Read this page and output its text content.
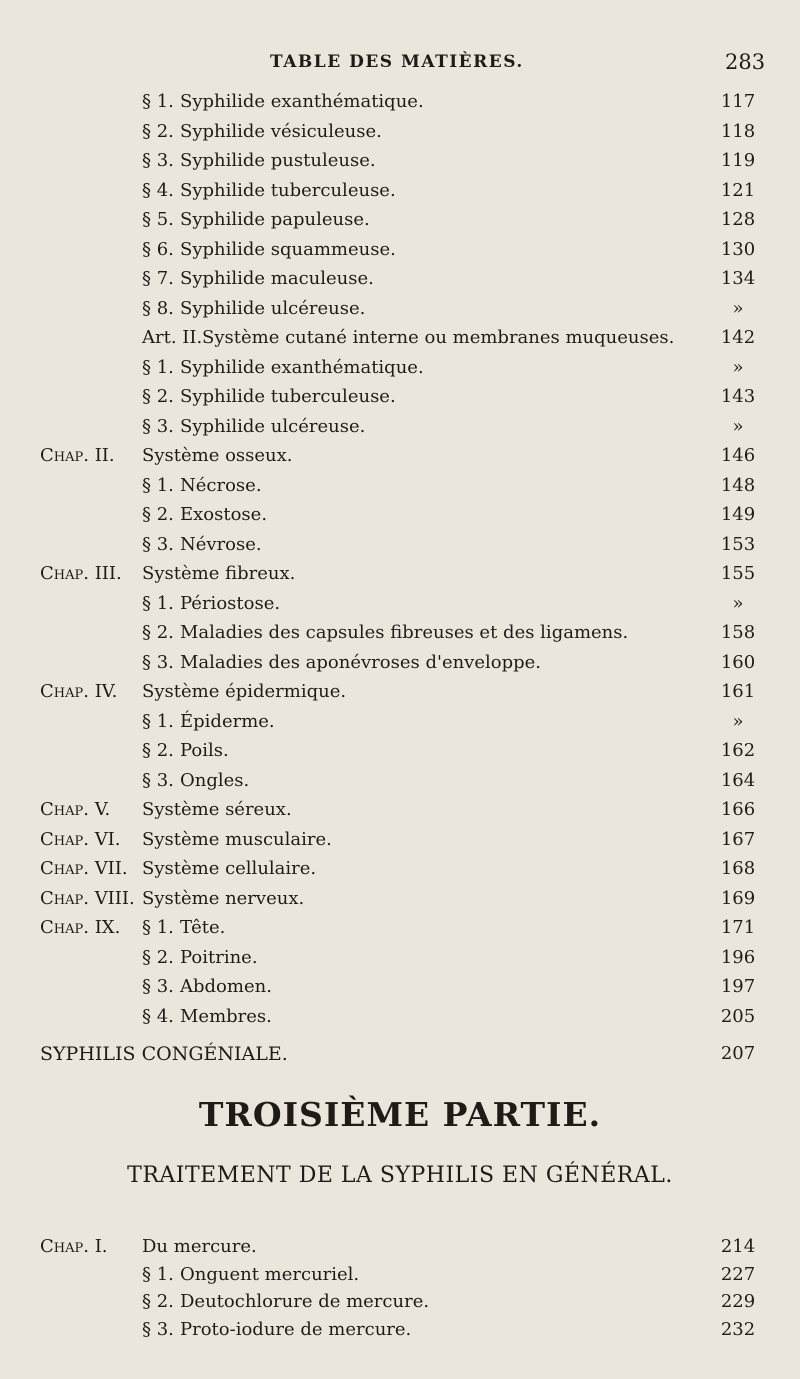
TABLE DES MATIÈRES.	283
§ 1. Syphilide exanthématique.	117
§ 2. Syphilide vésiculeuse.	118
§ 3. Syphilide pustuleuse.	119
§ 4. Syphilide tuberculeuse.	121
§ 5. Syphilide papuleuse.	128
§ 6. Syphilide squammeuse.	130
§ 7. Syphilide maculeuse.	134
§ 8. Syphilide ulcéreuse.	»
Art. II. Système cutané interne ou membranes muqueuses.	142
§ 1. Syphilide exanthématique.	»
§ 2. Syphilide tuberculeuse.	143
§ 3. Syphilide ulcéreuse.	»
Chap. II. Système osseux.	146
§ 1. Nécrose.	148
§ 2. Exostose.	149
§ 3. Névrose.	153
Chap. III. Système fibreux.	155
§ 1. Périostose.	»
§ 2. Maladies des capsules fibreuses et des ligamens.	158
§ 3. Maladies des aponévroses d'enveloppe.	160
Chap. IV. Système épidermique.	161
§ 1. Épiderme.	»
§ 2. Poils.	162
§ 3. Ongles.	164
Chap. V. Système séreux.	166
Chap. VI. Système musculaire.	167
Chap. VII. Système cellulaire.	168
Chap. VIII. Système nerveux.	169
Chap. IX. § 1. Tête.	171
§ 2. Poitrine.	196
§ 3. Abdomen.	197
§ 4. Membres.	205
SYPHILIS CONGÉNIALE.	207
TROISIÈME PARTIE.
TRAITEMENT DE LA SYPHILIS EN GÉNÉRAL.
Chap. I. Du mercure.	214
§ 1. Onguent mercuriel.	227
§ 2. Deutochlorure de mercure.	229
§ 3. Proto-iodure de mercure.	232
